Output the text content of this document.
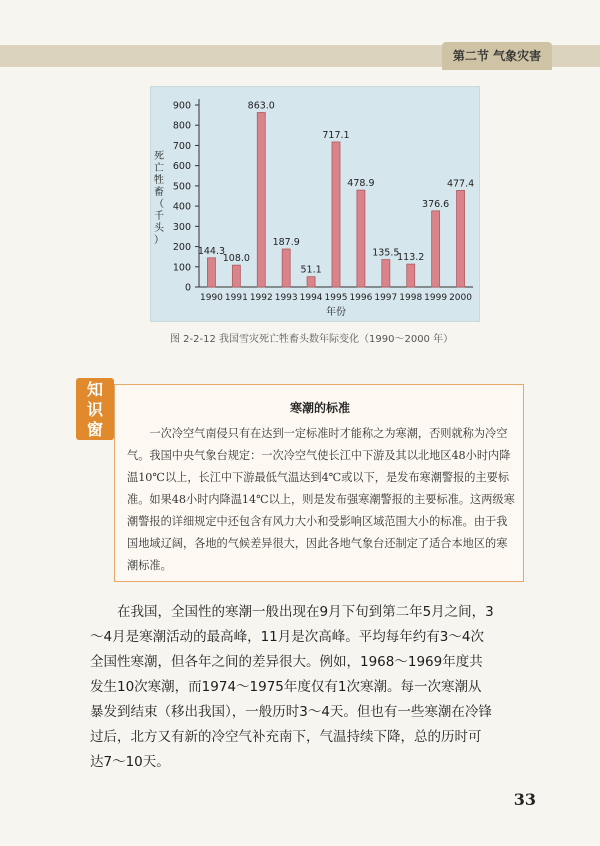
第二节 气象灾害
0
100
200
300
400
500
600
700
800
900
死
亡
牲
畜
（
千
头
）
144.3
1990
108.0
1991
863.0
1992
187.9
1993
51.1
1994
717.1
1995
478.9
1996
135.5
1997
113.2
1998
376.6
1999
477.4
2000
年份
图 2-2-12 我国雪灾死亡牲畜头数年际变化（1990～2000 年）
知
识
窗
寒潮的标准
一次冷空气南侵只有在达到一定标准时才能称之为寒潮，否则就称为冷空气。我国中央气象台规定：一次冷空气使长江中下游及其以北地区48小时内降温10℃以上，长江中下游最低气温达到4℃或以下，是发布寒潮警报的主要标准。如果48小时内降温14℃以上，则是发布强寒潮警报的主要标准。这两级寒潮警报的详细规定中还包含有风力大小和受影响区域范围大小的标准。由于我国地域辽阔，各地的气候差异很大，因此各地气象台还制定了适合本地区的寒潮标准。
在我国，全国性的寒潮一般出现在9月下旬到第二年5月之间，3～4月是寒潮活动的最高峰，11月是次高峰。平均每年约有3～4次全国性寒潮，但各年之间的差异很大。例如，1968～1969年度共发生10次寒潮，而1974～1975年度仅有1次寒潮。每一次寒潮从暴发到结束（移出我国），一般历时3～4天。但也有一些寒潮在冷锋过后，北方又有新的冷空气补充南下，气温持续下降，总的历时可达7～10天。
33
